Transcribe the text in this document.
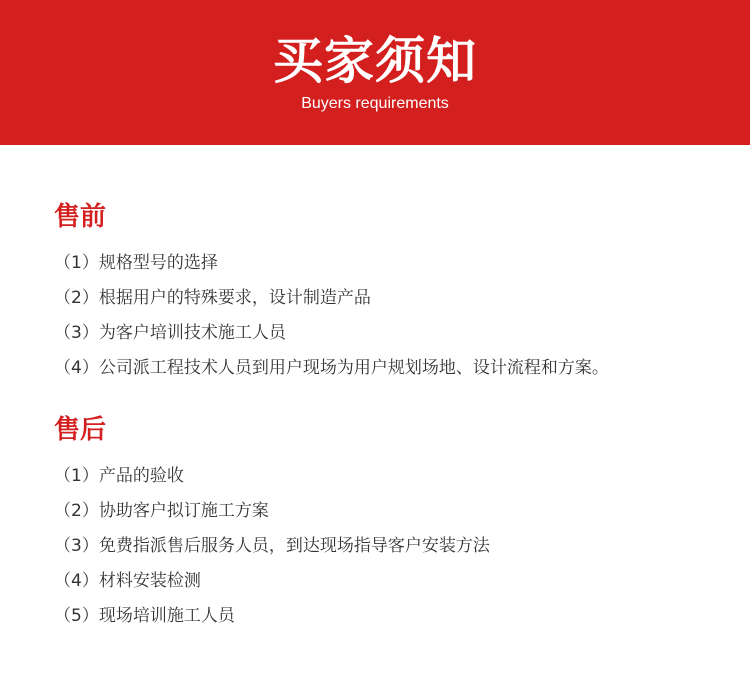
买家须知
Buyers requirements
售前
（1）规格型号的选择
（2）根据用户的特殊要求，设计制造产品
（3）为客户培训技术施工人员
（4）公司派工程技术人员到用户现场为用户规划场地、设计流程和方案。
售后
（1）产品的验收
（2）协助客户拟订施工方案
（3）免费指派售后服务人员，到达现场指导客户安装方法
（4）材料安装检测
（5）现场培训施工人员
